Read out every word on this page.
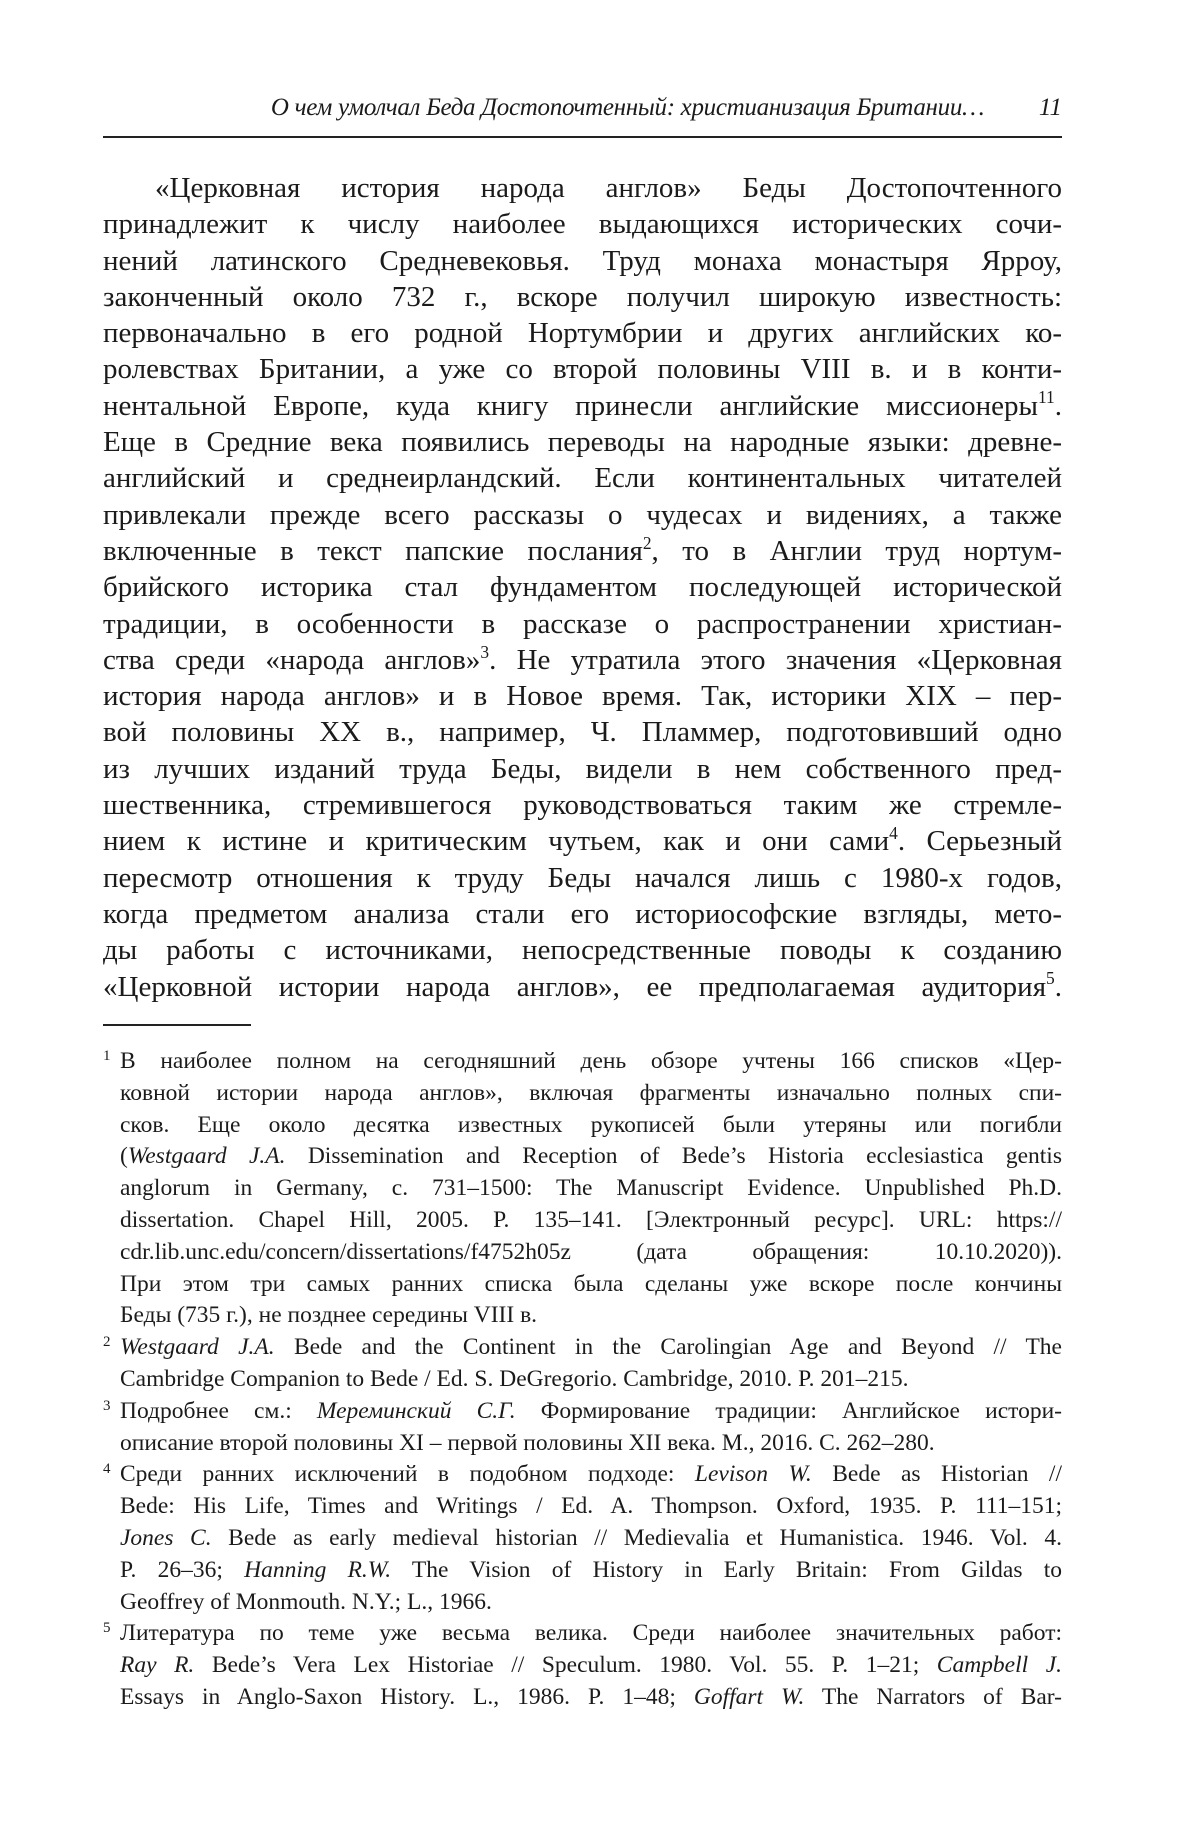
О чем умолчал Беда Достопочтенный: христианизация Британии… 11
«Церковная история народа англов» Беды Достопочтенного
принадлежит к числу наиболее выдающихся исторических сочи-
нений латинского Средневековья. Труд монаха монастыря Ярроу,
законченный около 732 г., вскоре получил широкую известность:
первоначально в его родной Нортумбрии и других английских ко-
ролевствах Британии, а уже со второй половины VIII в. и в конти-
нентальной Европе, куда книгу принесли английские миссионеры$^{11}$.
Еще в Средние века появились переводы на народные языки: древне-
английский и среднеирландский. Если континентальных читателей
привлекали прежде всего рассказы о чудесах и видениях, а также
включенные в текст папские послания$^2$, то в Англии труд нортум-
брийского историка стал фундаментом последующей исторической
традиции, в особенности в рассказе о распространении христиан-
ства среди «народа англов»$^3$. Не утратила этого значения «Церковная
история народа англов» и в Новое время. Так, историки XIX – пер-
вой половины XX в., например, Ч. Пламмер, подготовивший одно
из лучших изданий труда Беды, видели в нем собственного пред-
шественника, стремившегося руководствоваться таким же стремле-
нием к истине и критическим чутьем, как и они сами$^4$. Серьезный
пересмотр отношения к труду Беды начался лишь с 1980-х годов,
когда предметом анализа стали его историософские взгляды, мето-
ды работы с источниками, непосредственные поводы к созданию
«Церковной истории народа англов», ее предполагаемая аудитория$^5$.
1 В наиболее полном на сегодняшний день обзоре учтены 166 списков «Цер-
ковной истории народа англов», включая фрагменты изначально полных спи-
сков. Еще около десятка известных рукописей были утеряны или погибли
(Westgaard J.A. Dissemination and Reception of Bede’s Historia ecclesiastica gentis
anglorum in Germany, c. 731–1500: The Manuscript Evidence. Unpublished Ph.D.
dissertation. Chapel Hill, 2005. P. 135–141. [Электронный ресурс]. URL: https://
cdr.lib.unc.edu/concern/dissertations/f4752h05z (дата обращения: 10.10.2020)).
При этом три самых ранних списка была сделаны уже вскоре после кончины
Беды (735 г.), не позднее середины VIII в.
2 Westgaard J.A. Bede and the Continent in the Carolingian Age and Beyond // The
Cambridge Companion to Bede / Ed. S. DeGregorio. Cambridge, 2010. P. 201–215.
3 Подробнее см.: Мереминский С.Г. Формирование традиции: Английское истори-
описание второй половины XI – первой половины XII века. М., 2016. С. 262–280.
4 Среди ранних исключений в подобном подходе: Levison W. Bede as Historian //
Bede: His Life, Times and Writings / Ed. A. Thompson. Oxford, 1935. P. 111–151;
Jones C. Bede as early medieval historian // Medievalia et Humanistica. 1946. Vol. 4.
P. 26–36; Hanning R.W. The Vision of History in Early Britain: From Gildas to
Geoffrey of Monmouth. N.Y.; L., 1966.
5 Литература по теме уже весьма велика. Среди наиболее значительных работ:
Ray R. Bede’s Vera Lex Historiae // Speculum. 1980. Vol. 55. P. 1–21; Campbell J.
Essays in Anglo-Saxon History. L., 1986. P. 1–48; Goffart W. The Narrators of Bar-
